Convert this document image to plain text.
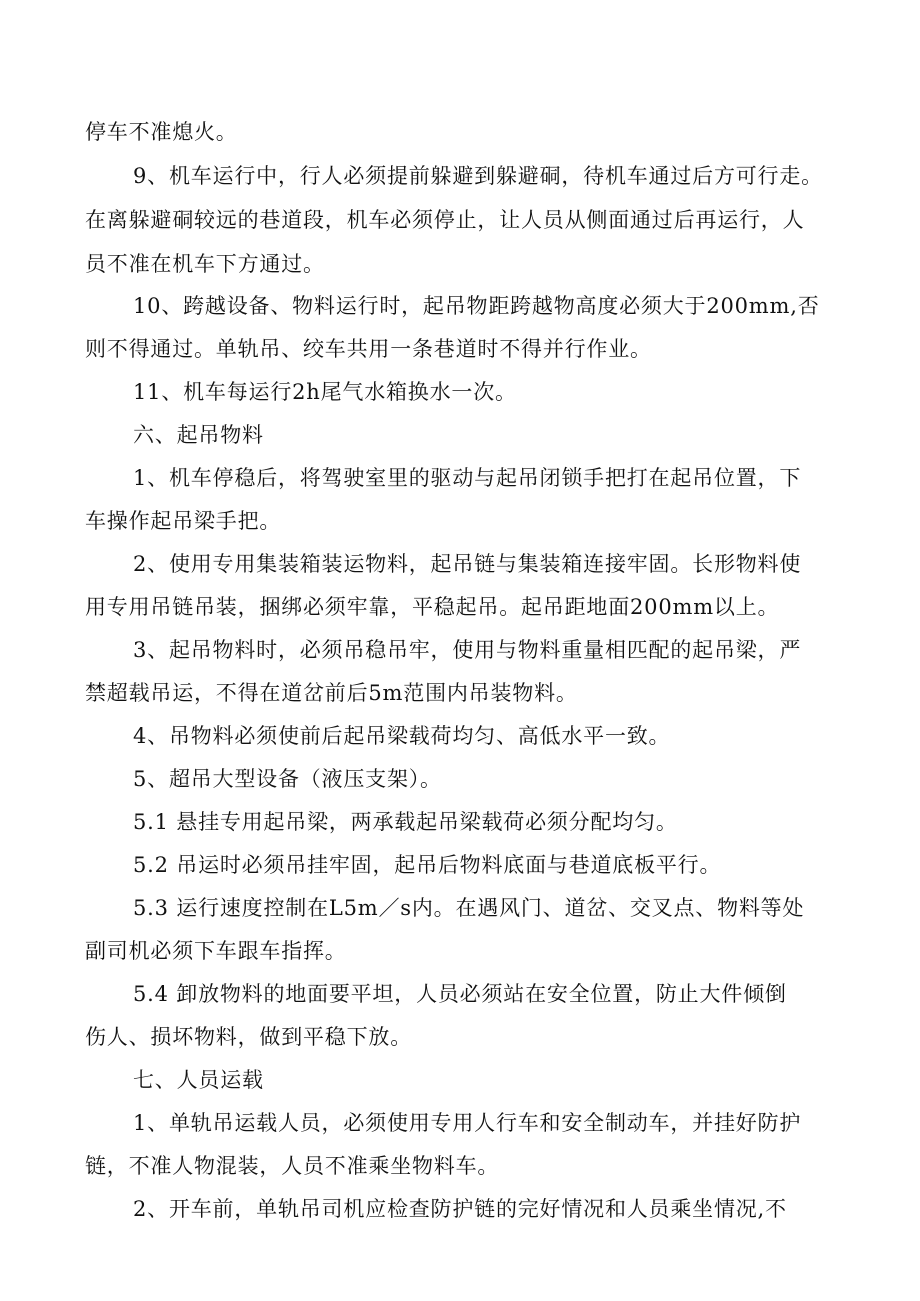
停车不准熄火。
9、机车运行中，行人必须提前躲避到躲避硐，待机车通过后方可行走。
在离躲避硐较远的巷道段，机车必须停止，让人员从侧面通过后再运行，人
员不准在机车下方通过。
10、跨越设备、物料运行时，起吊物距跨越物高度必须大于200mm,否
则不得通过。单轨吊、绞车共用一条巷道时不得并行作业。
11、机车每运行2h尾气水箱换水一次。
六、起吊物料
1、机车停稳后，将驾驶室里的驱动与起吊闭锁手把打在起吊位置，下
车操作起吊梁手把。
2、使用专用集装箱装运物料，起吊链与集装箱连接牢固。长形物料使
用专用吊链吊装，捆绑必须牢靠，平稳起吊。起吊距地面200mm以上。
3、起吊物料时，必须吊稳吊牢，使用与物料重量相匹配的起吊梁，严
禁超载吊运，不得在道岔前后5m范围内吊装物料。
4、吊物料必须使前后起吊梁载荷均匀、高低水平一致。
5、超吊大型设备（液压支架）。
5.1 悬挂专用起吊梁，两承载起吊梁载荷必须分配均匀。
5.2 吊运时必须吊挂牢固，起吊后物料底面与巷道底板平行。
5.3 运行速度控制在L5m／s内。在遇风门、道岔、交叉点、物料等处
副司机必须下车跟车指挥。
5.4 卸放物料的地面要平坦，人员必须站在安全位置，防止大件倾倒
伤人、损坏物料，做到平稳下放。
七、人员运载
1、单轨吊运载人员，必须使用专用人行车和安全制动车，并挂好防护
链，不准人物混装，人员不准乘坐物料车。
2、开车前，单轨吊司机应检查防护链的完好情况和人员乘坐情况,不
